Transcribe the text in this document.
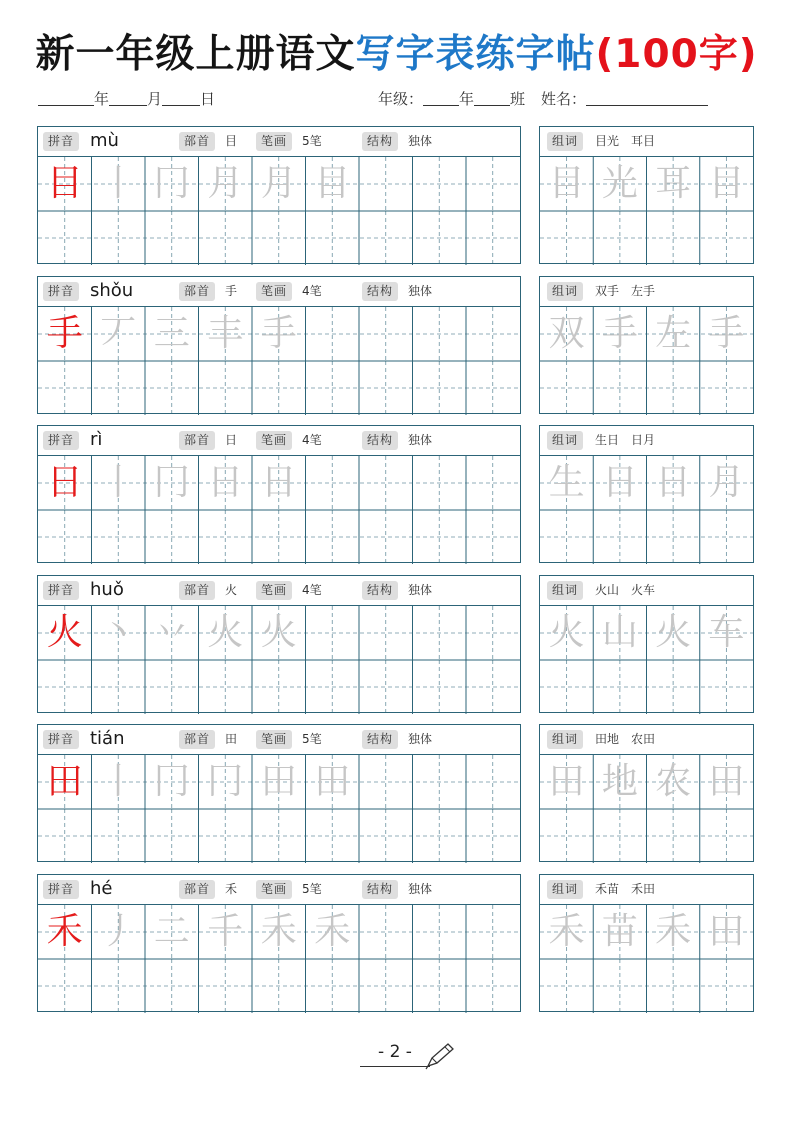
新一年级上册语文写字表练字帖(100字)
年	月	日	年级： 年 班 姓名：
拼音 mù	部首	目	笔画	5笔	结构	独体
目 丨 冂 月 月 目
组词	目光　耳目
目 光 耳 目
拼音 shǒu	部首	手	笔画	4笔	结构	独体
手 丆 三 丰 手
组词	双手　左手
双 手 左 手
拼音 rì	部首	日	笔画	4笔	结构	独体
日 丨 冂 日 日
组词	生日　日月
生 日 日 月
拼音 huǒ	部首	火	笔画	4笔	结构	独体
火 丶 丷 火 火
组词	火山　火车
火 山 火 车
拼音 tián	部首	田	笔画	5笔	结构	独体
田 丨 冂 冂 田 田
组词	田地　农田
田 地 农 田
拼音 hé	部首	禾	笔画	5笔	结构	独体
禾 丿 二 千 禾 禾
组词	禾苗　禾田
禾 苗 禾 田
- 2 -
